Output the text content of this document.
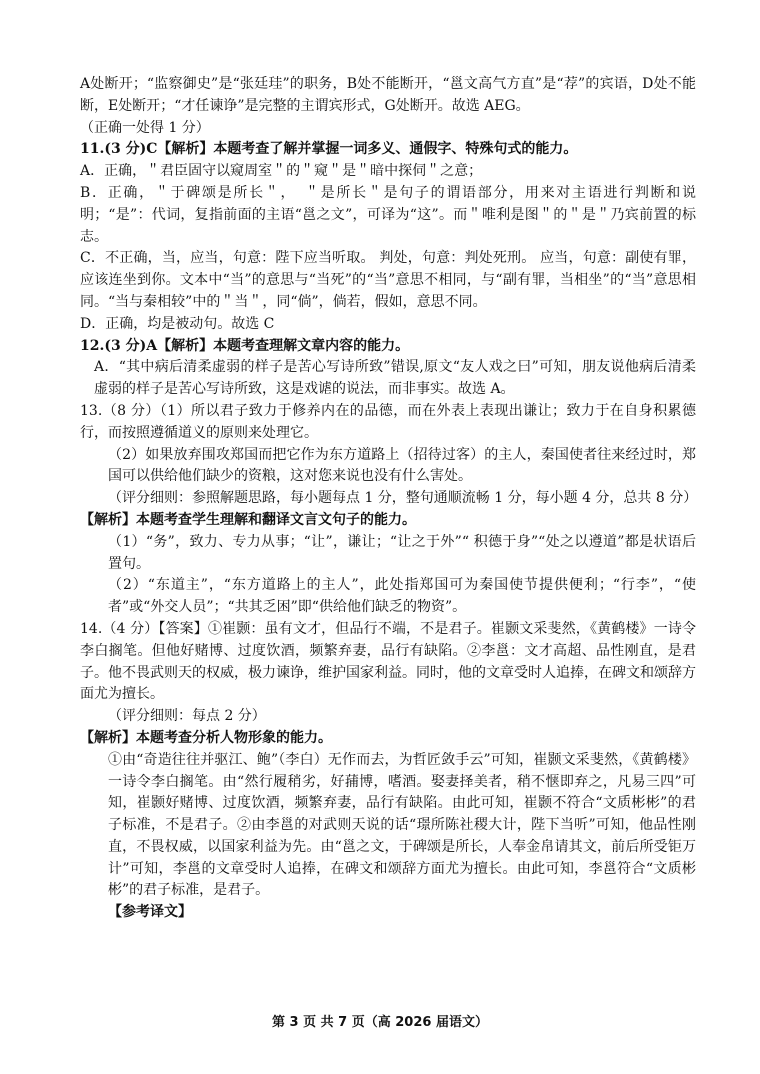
A处断开；“监察御史”是“张廷珪”的职务，B处不能断开，“邕文高气方直”是“荐”的宾语，D处不能断，E处断开；“才任谏诤”是完整的主谓宾形式，G处断开。故选 AEG。

（正确一处得 1 分）

11.(3 分)C【解析】本题考查了解并掌握一词多义、通假字、特殊句式的能力。

A．正确，＂君臣固守以窥周室＂的＂窥＂是＂暗中探伺＂之意；

B．正确，＂于碑颂是所长＂，　＂是所长＂是句子的谓语部分，用来对主语进行判断和说明；“是”：代词，复指前面的主语“邕之文”，可译为“这”。而＂唯利是图＂的＂是＂乃宾前置的标志。

C．不正确，当，应当，句意：陛下应当听取。 判处，句意：判处死刑。 应当，句意：副使有罪，应该连坐到你。文本中“当”的意思与“当死”的“当”意思不相同，与“副有罪，当相坐”的“当”意思相同。“当与秦相较”中的＂当＂，同“倘”，倘若，假如，意思不同。

D．正确，均是被动句。故选 C

12.(3 分)A【解析】本题考查理解文章内容的能力。

A．“其中病后清柔虚弱的样子是苦心写诗所致”错误,原文“友人戏之曰”可知，朋友说他病后清柔虚弱的样子是苦心写诗所致，这是戏谑的说法，而非事实。故选 A。

13.（8 分）（1）所以君子致力于修养内在的品德，而在外表上表现出谦让；致力于在自身积累德行，而按照遵循道义的原则来处理它。

（2）如果放弃围攻郑国而把它作为东方道路上（招待过客）的主人，秦国使者往来经过时，郑国可以供给他们缺少的资粮，这对您来说也没有什么害处。

（评分细则：参照解题思路，每小题每点 1 分，整句通顺流畅 1 分，每小题 4 分，总共 8 分）

【解析】本题考查学生理解和翻译文言文句子的能力。

（1）“务”，致力、专力从事；“让”，谦让；“让之于外”“ 积德于身”“处之以遵道”都是状语后置句。

（2）“东道主”，“东方道路上的主人”，此处指郑国可为秦国使节提供便利；“行李”，“使者”或“外交人员”；“共其乏困”即“供给他们缺乏的物资”。

14.（4 分）【答案】①崔颢：虽有文才，但品行不端，不是君子。崔颢文采斐然，《黄鹤楼》一诗令李白搁笔。但他好赌博、过度饮酒，频繁弃妻，品行有缺陷。②李邕：文才高超、品性刚直，是君子。他不畏武则天的权威，极力谏诤，维护国家利益。同时，他的文章受时人追捧，在碑文和颂辞方面尤为擅长。

（评分细则：每点 2 分）

【解析】本题考查分析人物形象的能力。

①由“奇造往往并驱江、鲍”（李白）无作而去，为哲匠敛手云”可知，崔颢文采斐然，《黄鹤楼》一诗令李白搁笔。由“然行履稍劣，好蒱博，嗜酒。娶妻择美者，稍不惬即弃之，凡易三四”可知，崔颢好赌博、过度饮酒，频繁弃妻，品行有缺陷。由此可知，崔颢不符合“文质彬彬”的君子标准，不是君子。②由李邕的对武则天说的话“璟所陈社稷大计，陛下当听”可知，他品性刚直，不畏权威，以国家利益为先。由“邕之文，于碑颂是所长，人奉金帛请其文，前后所受钜万计”可知，李邕的文章受时人追捧，在碑文和颂辞方面尤为擅长。由此可知，李邕符合“文质彬彬”的君子标准，是君子。

【参考译文】

第 3 页 共 7 页（高 2026 届语文）
